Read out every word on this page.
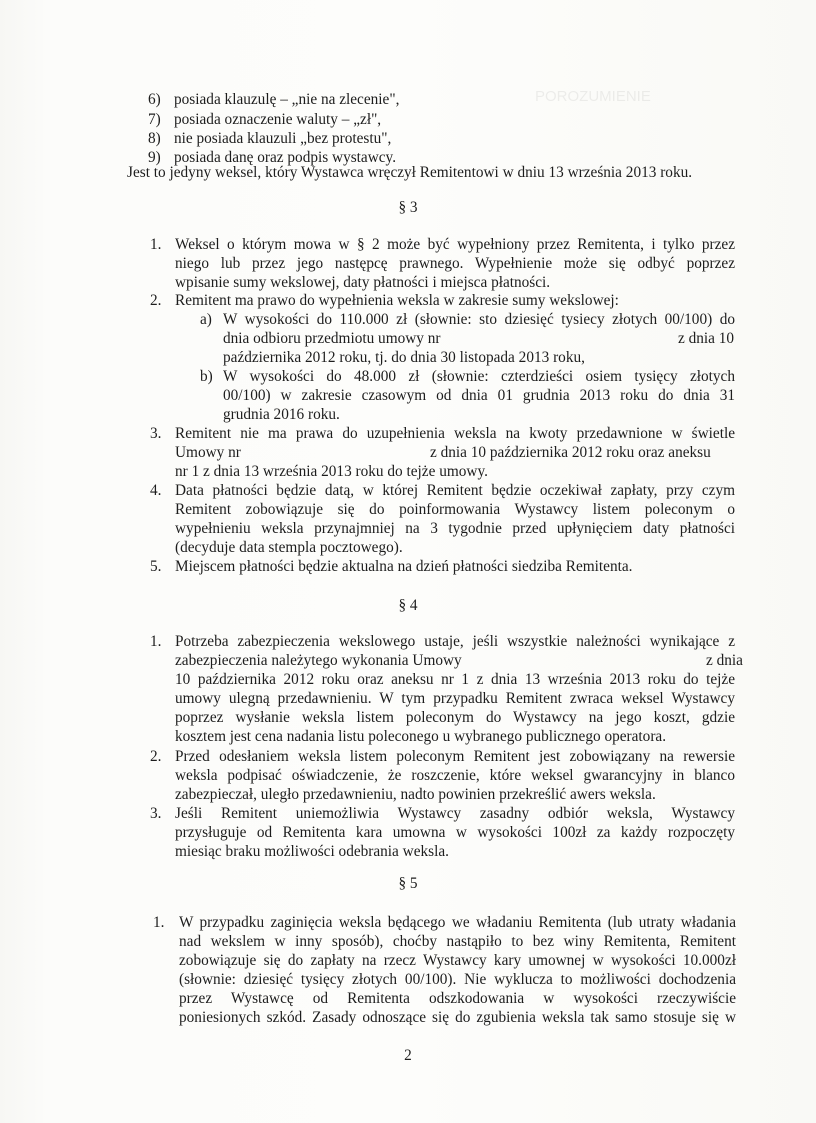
POROZUMIENIE
6) posiada klauzulę – „nie na zlecenie",
7) posiada oznaczenie waluty – „zł",
8) nie posiada klauzuli „bez protestu",
9) posiada danę oraz podpis wystawcy.
Jest to jedyny weksel, który Wystawca wręczył Remitentowi w dniu 13 września 2013 roku.
§ 3
1. Weksel o którym mowa w § 2 może być wypełniony przez Remitenta, i tylko przez
niego lub przez jego następcę prawnego. Wypełnienie może się odbyć poprzez
wpisanie sumy wekslowej, daty płatności i miejsca płatności.
2. Remitent ma prawo do wypełnienia weksla w zakresie sumy wekslowej:
a) W wysokości do 110.000 zł (słownie: sto dziesięć tysiecy złotych 00/100) do
dnia odbioru przedmiotu umowy nr	z dnia 10
października 2012 roku, tj. do dnia 30 listopada 2013 roku,
b) W wysokości do 48.000 zł (słownie: czterdzieści osiem tysięcy złotych
00/100) w zakresie czasowym od dnia 01 grudnia 2013 roku do dnia 31
grudnia 2016 roku.
3. Remitent nie ma prawa do uzupełnienia weksla na kwoty przedawnione w świetle
Umowy nr	z dnia 10 października 2012 roku oraz aneksu
nr 1 z dnia 13 września 2013 roku do tejże umowy.
4. Data płatności będzie datą, w której Remitent będzie oczekiwał zapłaty, przy czym
Remitent zobowiązuje się do poinformowania Wystawcy listem poleconym o
wypełnieniu weksla przynajmniej na 3 tygodnie przed upłynięciem daty płatności
(decyduje data stempla pocztowego).
5. Miejscem płatności będzie aktualna na dzień płatności siedziba Remitenta.
§ 4
1. Potrzeba zabezpieczenia wekslowego ustaje, jeśli wszystkie należności wynikające z
zabezpieczenia należytego wykonania Umowy	z dnia
10 października 2012 roku oraz aneksu nr 1 z dnia 13 września 2013 roku do tejże
umowy ulegną przedawnieniu. W tym przypadku Remitent zwraca weksel Wystawcy
poprzez wysłanie weksla listem poleconym do Wystawcy na jego koszt, gdzie
kosztem jest cena nadania listu poleconego u wybranego publicznego operatora.
2. Przed odesłaniem weksla listem poleconym Remitent jest zobowiązany na rewersie
weksla podpisać oświadczenie, że roszczenie, które weksel gwarancyjny in blanco
zabezpieczał, uległo przedawnieniu, nadto powinien przekreślić awers weksla.
3. Jeśli Remitent uniemożliwia Wystawcy zasadny odbiór weksla, Wystawcy
przysługuje od Remitenta kara umowna w wysokości 100zł za każdy rozpoczęty
miesiąc braku możliwości odebrania weksla.
§ 5
1. W przypadku zaginięcia weksla będącego we władaniu Remitenta (lub utraty władania
nad wekslem w inny sposób), choćby nastąpiło to bez winy Remitenta, Remitent
zobowiązuje się do zapłaty na rzecz Wystawcy kary umownej w wysokości 10.000zł
(słownie: dziesięć tysięcy złotych 00/100). Nie wyklucza to możliwości dochodzenia
przez Wystawcę od Remitenta odszkodowania w wysokości rzeczywiście
poniesionych szkód. Zasady odnoszące się do zgubienia weksla tak samo stosuje się w
2
